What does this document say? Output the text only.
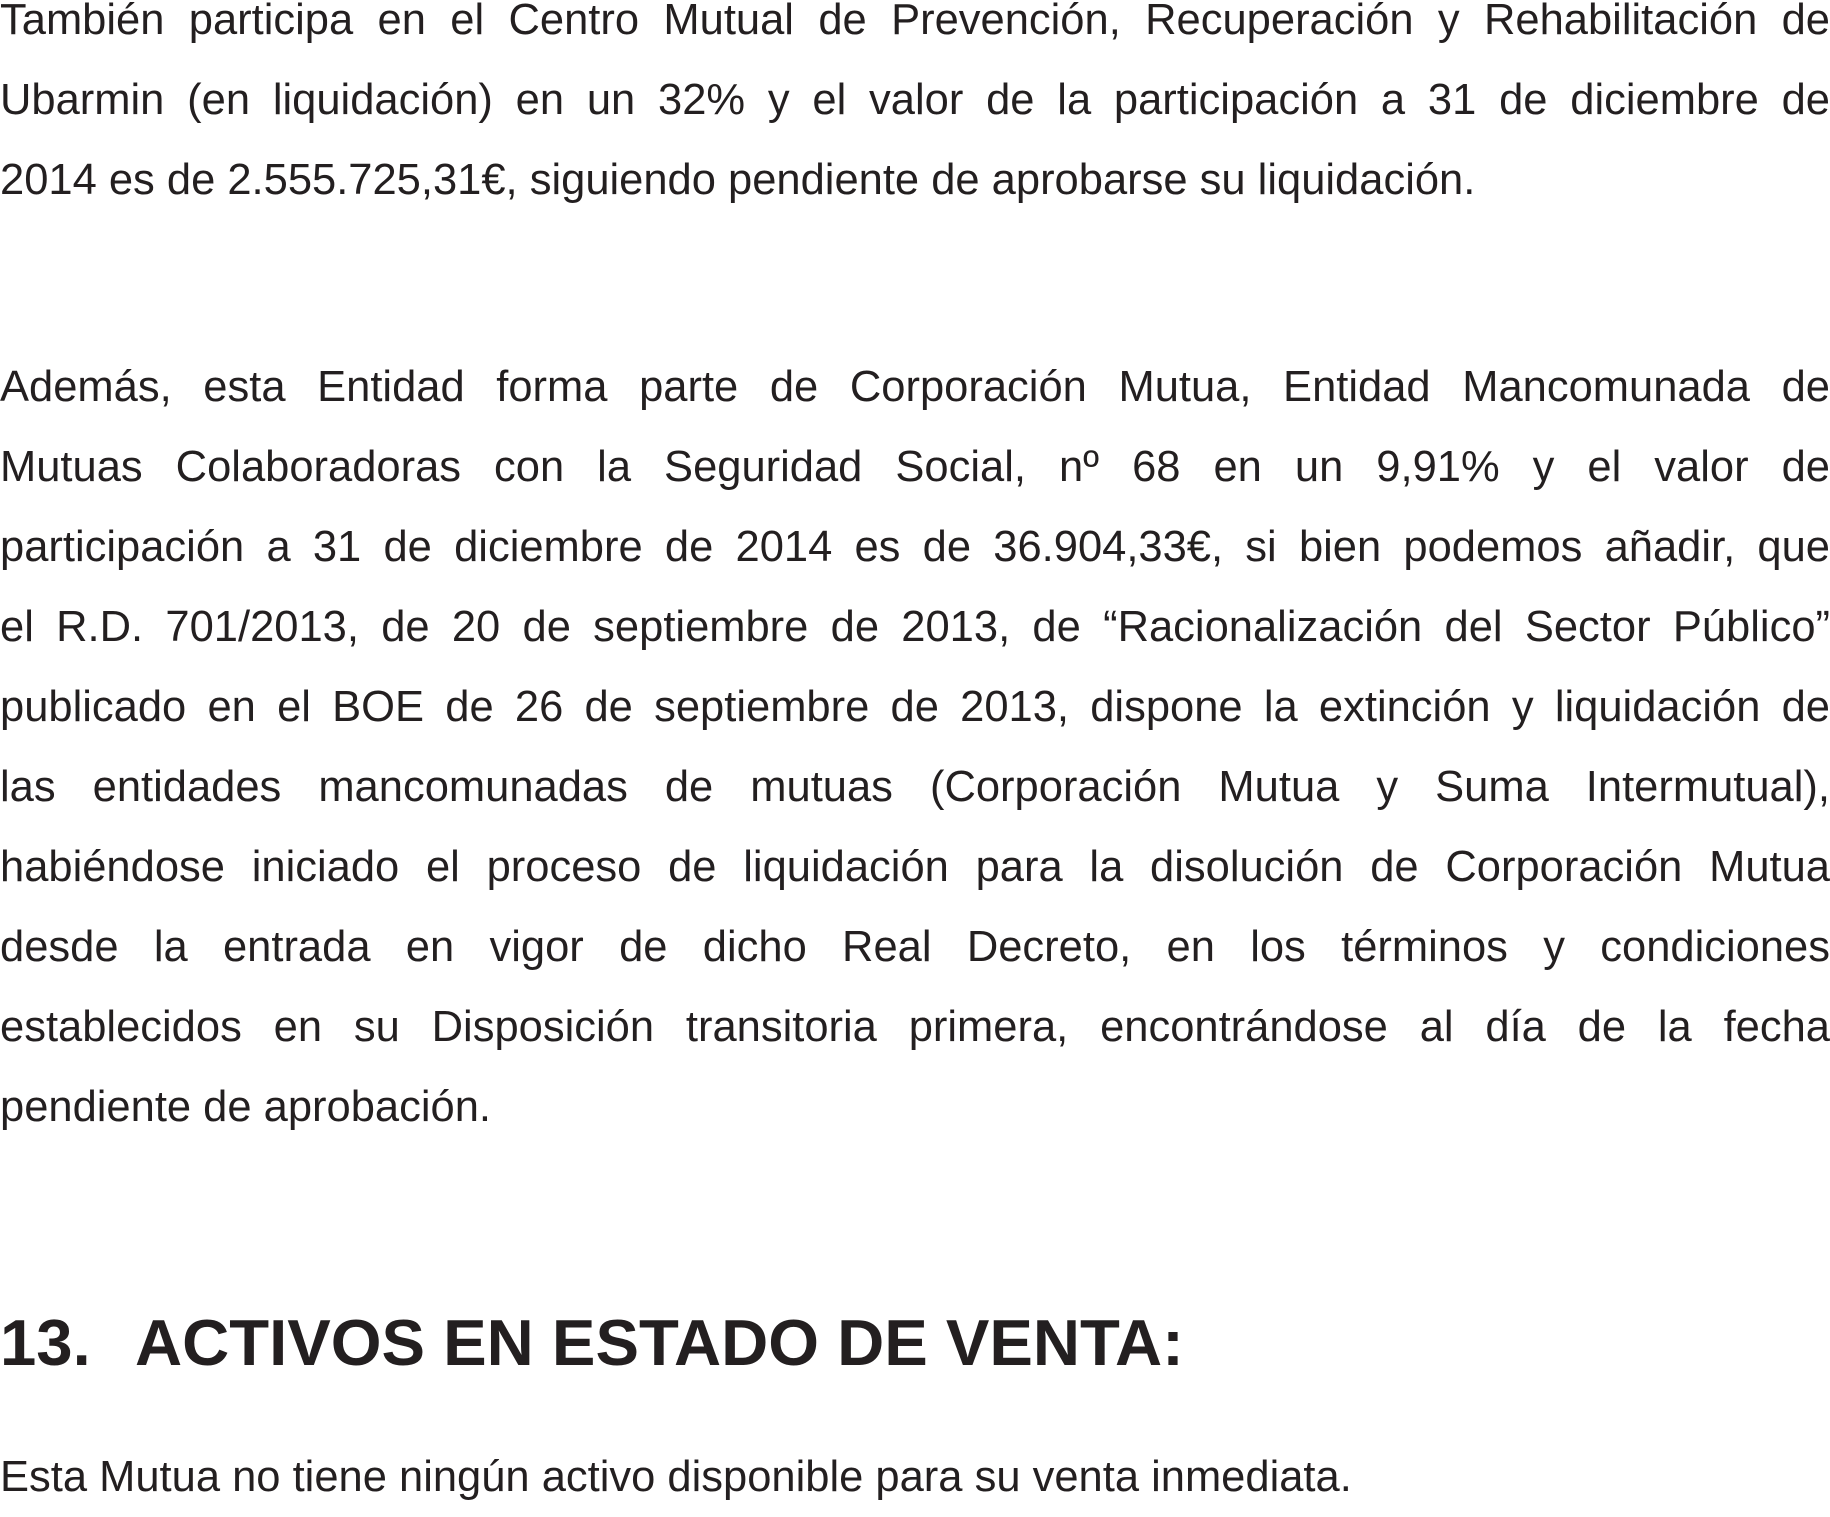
También participa en el Centro Mutual de Prevención, Recuperación y Rehabilitación de
Ubarmin (en liquidación) en un 32% y el valor de la participación a 31 de diciembre de
2014 es de 2.555.725,31€, siguiendo pendiente de aprobarse su liquidación.
Además, esta Entidad forma parte de Corporación Mutua, Entidad Mancomunada de
Mutuas Colaboradoras con la Seguridad Social, nº 68 en un 9,91% y el valor de
participación a 31 de diciembre de 2014 es de 36.904,33€, si bien podemos añadir, que
el R.D. 701/2013, de 20 de septiembre de 2013, de “Racionalización del Sector Público”
publicado en el BOE de 26 de septiembre de 2013, dispone la extinción y liquidación de
las entidades mancomunadas de mutuas (Corporación Mutua y Suma Intermutual),
habiéndose iniciado el proceso de liquidación para la disolución de Corporación Mutua
desde la entrada en vigor de dicho Real Decreto, en los términos y condiciones
establecidos en su Disposición transitoria primera, encontrándose al día de la fecha
pendiente de aprobación.
13. ACTIVOS EN ESTADO DE VENTA:

Esta Mutua no tiene ningún activo disponible para su venta inmediata.
